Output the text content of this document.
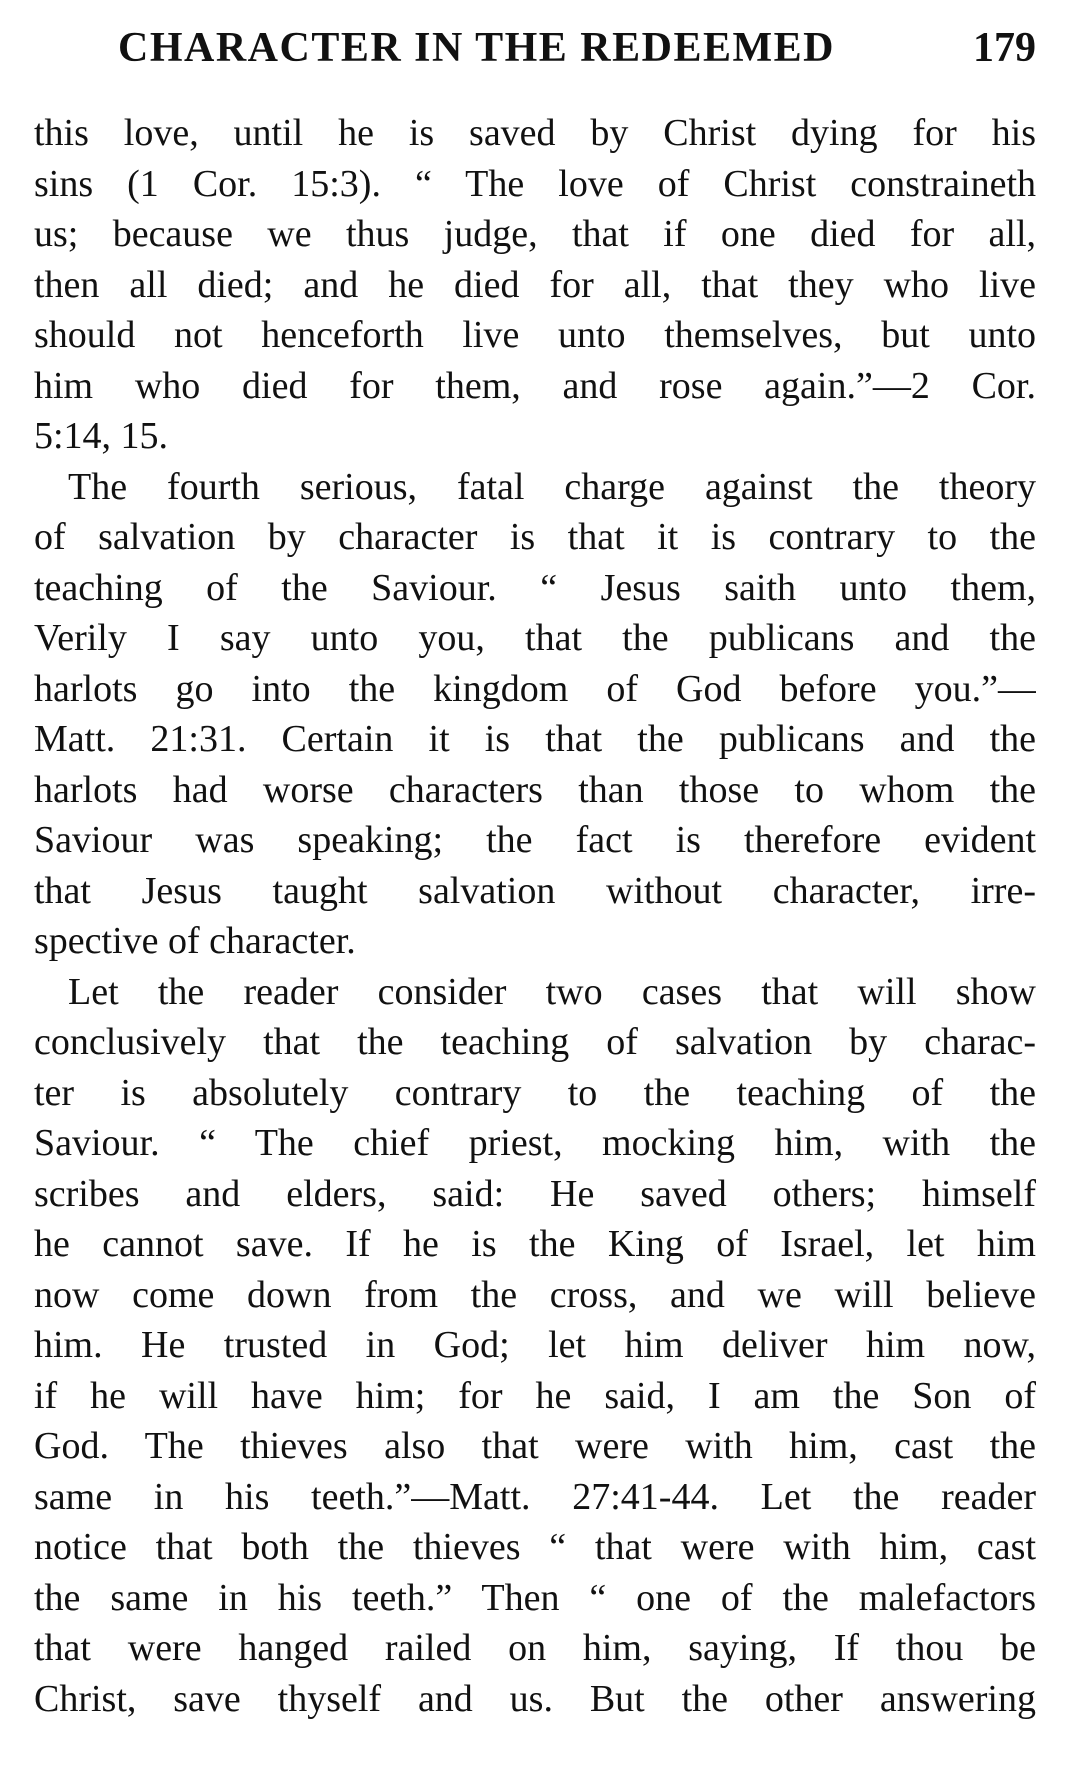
CHARACTER IN THE REDEEMED	179
this love, until he is saved by Christ dying for his
sins (1 Cor. 15:3). “ The love of Christ constraineth
us; because we thus judge, that if one died for all,
then all died; and he died for all, that they who live
should not henceforth live unto themselves, but unto
him who died for them, and rose again.”—2 Cor.
5:14, 15.
The fourth serious, fatal charge against the theory
of salvation by character is that it is contrary to the
teaching of the Saviour. “ Jesus saith unto them,
Verily I say unto you, that the publicans and the
harlots go into the kingdom of God before you.”—
Matt. 21:31. Certain it is that the publicans and the
harlots had worse characters than those to whom the
Saviour was speaking; the fact is therefore evident
that Jesus taught salvation without character, irre-
spective of character.
Let the reader consider two cases that will show
conclusively that the teaching of salvation by charac-
ter is absolutely contrary to the teaching of the
Saviour. “ The chief priest, mocking him, with the
scribes and elders, said: He saved others; himself
he cannot save. If he is the King of Israel, let him
now come down from the cross, and we will believe
him. He trusted in God; let him deliver him now,
if he will have him; for he said, I am the Son of
God. The thieves also that were with him, cast the
same in his teeth.”—Matt. 27:41-44. Let the reader
notice that both the thieves “ that were with him, cast
the same in his teeth.” Then “ one of the malefactors
that were hanged railed on him, saying, If thou be
Christ, save thyself and us. But the other answering
